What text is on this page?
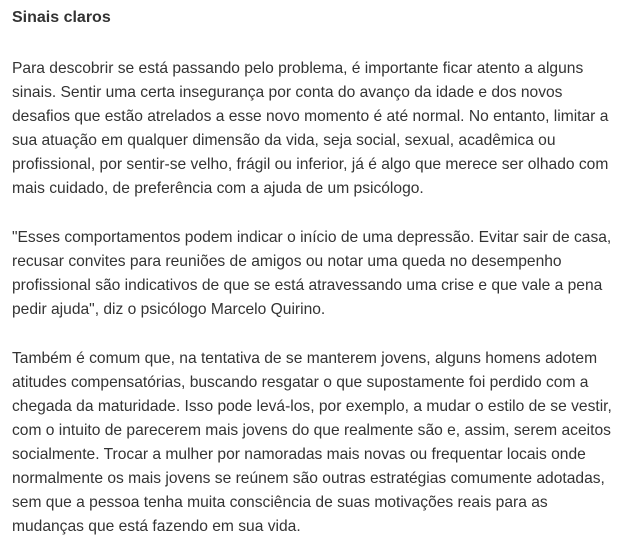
Sinais claros

Para descobrir se está passando pelo problema, é importante ficar atento a alguns sinais. Sentir uma certa insegurança por conta do avanço da idade e dos novos desafios que estão atrelados a esse novo momento é até normal. No entanto, limitar a sua atuação em qualquer dimensão da vida, seja social, sexual, acadêmica ou profissional, por sentir-se velho, frágil ou inferior, já é algo que merece ser olhado com mais cuidado, de preferência com a ajuda de um psicólogo.

"Esses comportamentos podem indicar o início de uma depressão. Evitar sair de casa, recusar convites para reuniões de amigos ou notar uma queda no desempenho profissional são indicativos de que se está atravessando uma crise e que vale a pena pedir ajuda", diz o psicólogo Marcelo Quirino.

Também é comum que, na tentativa de se manterem jovens, alguns homens adotem atitudes compensatórias, buscando resgatar o que supostamente foi perdido com a chegada da maturidade. Isso pode levá-los, por exemplo, a mudar o estilo de se vestir, com o intuito de parecerem mais jovens do que realmente são e, assim, serem aceitos socialmente. Trocar a mulher por namoradas mais novas ou frequentar locais onde normalmente os mais jovens se reúnem são outras estratégias comumente adotadas, sem que a pessoa tenha muita consciência de suas motivações reais para as mudanças que está fazendo em sua vida.
